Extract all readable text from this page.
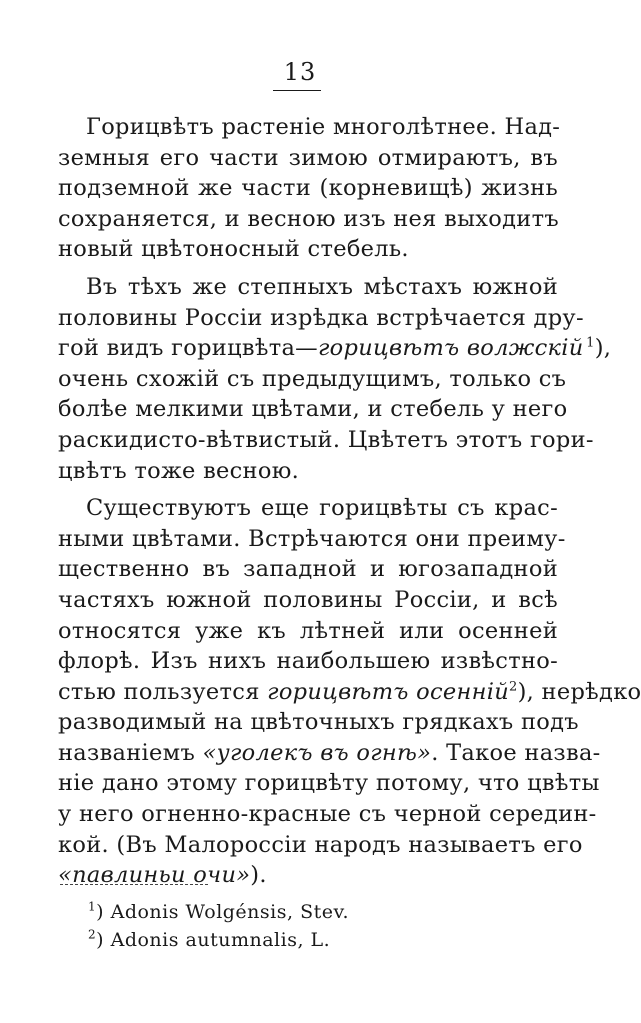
13
Горицвѣтъ растеніе многолѣтнее. Над-
земныя его части зимою отмираютъ, въ
подземной же части (корневищѣ) жизнь
сохраняется, и весною изъ нея выходитъ
новый цвѣтоносный стебель.
Въ тѣхъ же степныхъ мѣстахъ южной
половины Россіи изрѣдка встрѣчается дру-
гой видъ горицвѣта—горицвѣтъ волжскій  $^1$),
очень схожій съ предыдущимъ, только съ
болѣе мелкими цвѣтами, и стебель у него
раскидисто-вѣтвистый. Цвѣтетъ этотъ гори-
цвѣтъ тоже весною.
Существуютъ еще горицвѣты съ крас-
ными цвѣтами. Встрѣчаются они преиму-
щественно въ западной и югозападной
частяхъ южной половины Россіи, и всѣ
относятся уже къ лѣтней или осенней
флорѣ. Изъ нихъ наибольшею извѣстно-
стью пользуется горицвѣтъ осенній$^2$), нерѣдко
разводимый на цвѣточныхъ грядкахъ подъ
названіемъ «уголекъ въ огнѣ». Такое назва-
ніе дано этому горицвѣту потому, что цвѣты
у него огненно-красные съ черной середин-
кой. (Въ Малороссіи народъ называетъ его
«павлиньи очи»).
$^1$) Adonis Wolgénsis, Stev.
$^2$) Adonis autumnalis, L.
